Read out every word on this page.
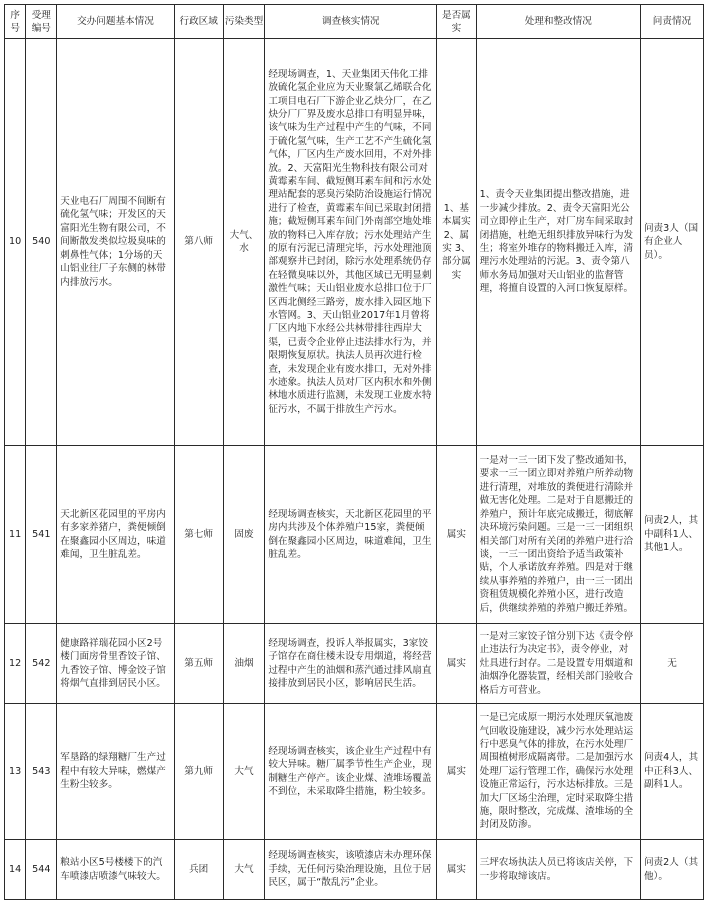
序号	受理编号	交办问题基本情况	行政区域	污染类型	调查核实情况	是否属实	处理和整改情况	问责情况
10	540	天业电石厂周围不间断有硫化氢气味；开发区的天富阳光生物有限公司，不间断散发类似垃圾臭味的刺鼻性气体；1分场的天山铝业往厂子东侧的林带内排放污水。	第八师	大气、水	经现场调查，1、天业集团天伟化工排放硫化氢企业应为天业聚氯乙烯联合化工项目电石厂下游企业乙炔分厂，在乙炔分厂厂界及废水总排口有明显异味，该气味为生产过程中产生的气味，不同于硫化氢气味，生产工艺不产生硫化氢气体，厂区内生产废水回用，不对外排放。2、天富阳光生物科技有限公司对黄霉素车间、截短侧耳素车间和污水处理站配套的恶臭污染防治设施运行情况进行了检查，黄霉素车间已采取封闭措施；截短侧耳素车间门外南部空地处堆放的物料已入库存放；污水处理站产生的原有污泥已清理完毕，污水处理池顶部观察井已封闭，除污水处理系统仍存在轻微臭味以外，其他区域已无明显刺激性气味；天山铝业废水总排口位于厂区西北侧经三路旁，废水排入园区地下水管网。3、天山铝业2017年1月曾将厂区内地下水经公共林带排往西岸大渠，已责令企业停止违法排水行为，并限期恢复原状。执法人员再次进行检查，未发现企业有废水排口，无对外排水迹象。执法人员对厂区内积水和外侧林地水质进行监测，未发现工业废水特征污水，不属于排放生产污水。	1、基本属实 2、属实 3、部分属实	1、责令天业集团提出整改措施，进一步减少排放。2、责令天富阳光公司立即停止生产，对厂房车间采取封闭措施，杜绝无组织排放异味行为发生；将室外堆存的物料搬迁入库，清理污水处理站的污泥。3、责令第八师水务局加强对天山铝业的监督管理，将擅自设置的入河口恢复原样。	问责3人（国有企业人员）。
11	541	天北新区花园里的平房内有多家养猪户，粪便倾倒在聚鑫园小区周边，味道难闻，卫生脏乱差。	第七师	固废	经现场调查核实，天北新区花园里的平房内共涉及个体养殖户15家，粪便倾倒在聚鑫园小区周边，味道难闻，卫生脏乱差。	属实	一是对一三一团下发了整改通知书，要求一三一团立即对养殖户所养动物进行清理，对堆放的粪便进行清除并做无害化处理。二是对于自愿搬迁的养殖户，预计年底完成搬迁，彻底解决环境污染问题。三是一三一团组织相关部门对所有关闭的养殖户进行洽谈，一三一团出资给予适当政策补贴，个人承诺放弃养殖。四是对于继续从事养殖的养殖户，由一三一团出资租赁规模化养殖小区，进行改造后，供继续养殖的养殖户搬迁养殖。	问责2人，其中副科1人、其他1人。
12	542	健康路祥瑞花园小区2号楼门面房骨里香饺子馆、九香饺子馆、博金饺子馆将烟气直排到居民小区。	第五师	油烟	经现场调查，投诉人举报属实，3家饺子馆存在商住楼未设专用烟道，将经营过程中产生的油烟和蒸汽通过排风扇直接排放到居民小区，影响居民生活。	属实	一是对三家饺子馆分别下达《责令停止违法行为决定书》，责令停业，对灶具进行封存。二是设置专用烟道和油烟净化器装置，经相关部门验收合格后方可营业。	无
13	543	军垦路的绿翔糖厂生产过程中有较大异味，燃煤产生粉尘较多。	第九师	大气	经现场调查核实，该企业生产过程中有较大异味。糖厂属季节性生产企业，现制糖生产停产。该企业煤、渣堆场覆盖不到位，未采取降尘措施，粉尘较多。	属实	一是已完成原一期污水处理厌氧池废气回收设施建设，减少污水处理站运行中恶臭气体的排放，在污水处理厂周围植树形成隔离带。二是加强污水处理厂运行管理工作，确保污水处理设施正常运行，污水达标排放。三是加大厂区场尘治理，定时采取降尘措施，限时整改，完成煤、渣堆场的全封闭及防渗。	问责4人，其中正科3人、副科1人。
14	544	粮站小区5号楼楼下的汽车喷漆店喷漆气味较大。	兵团	大气	经现场调查核实，该喷漆店未办理环保手续，无任何污染治理设施，且位于居民区，属于“散乱污”企业。	属实	三坪农场执法人员已将该店关停，下一步将取缔该店。	问责2人（其他）。
